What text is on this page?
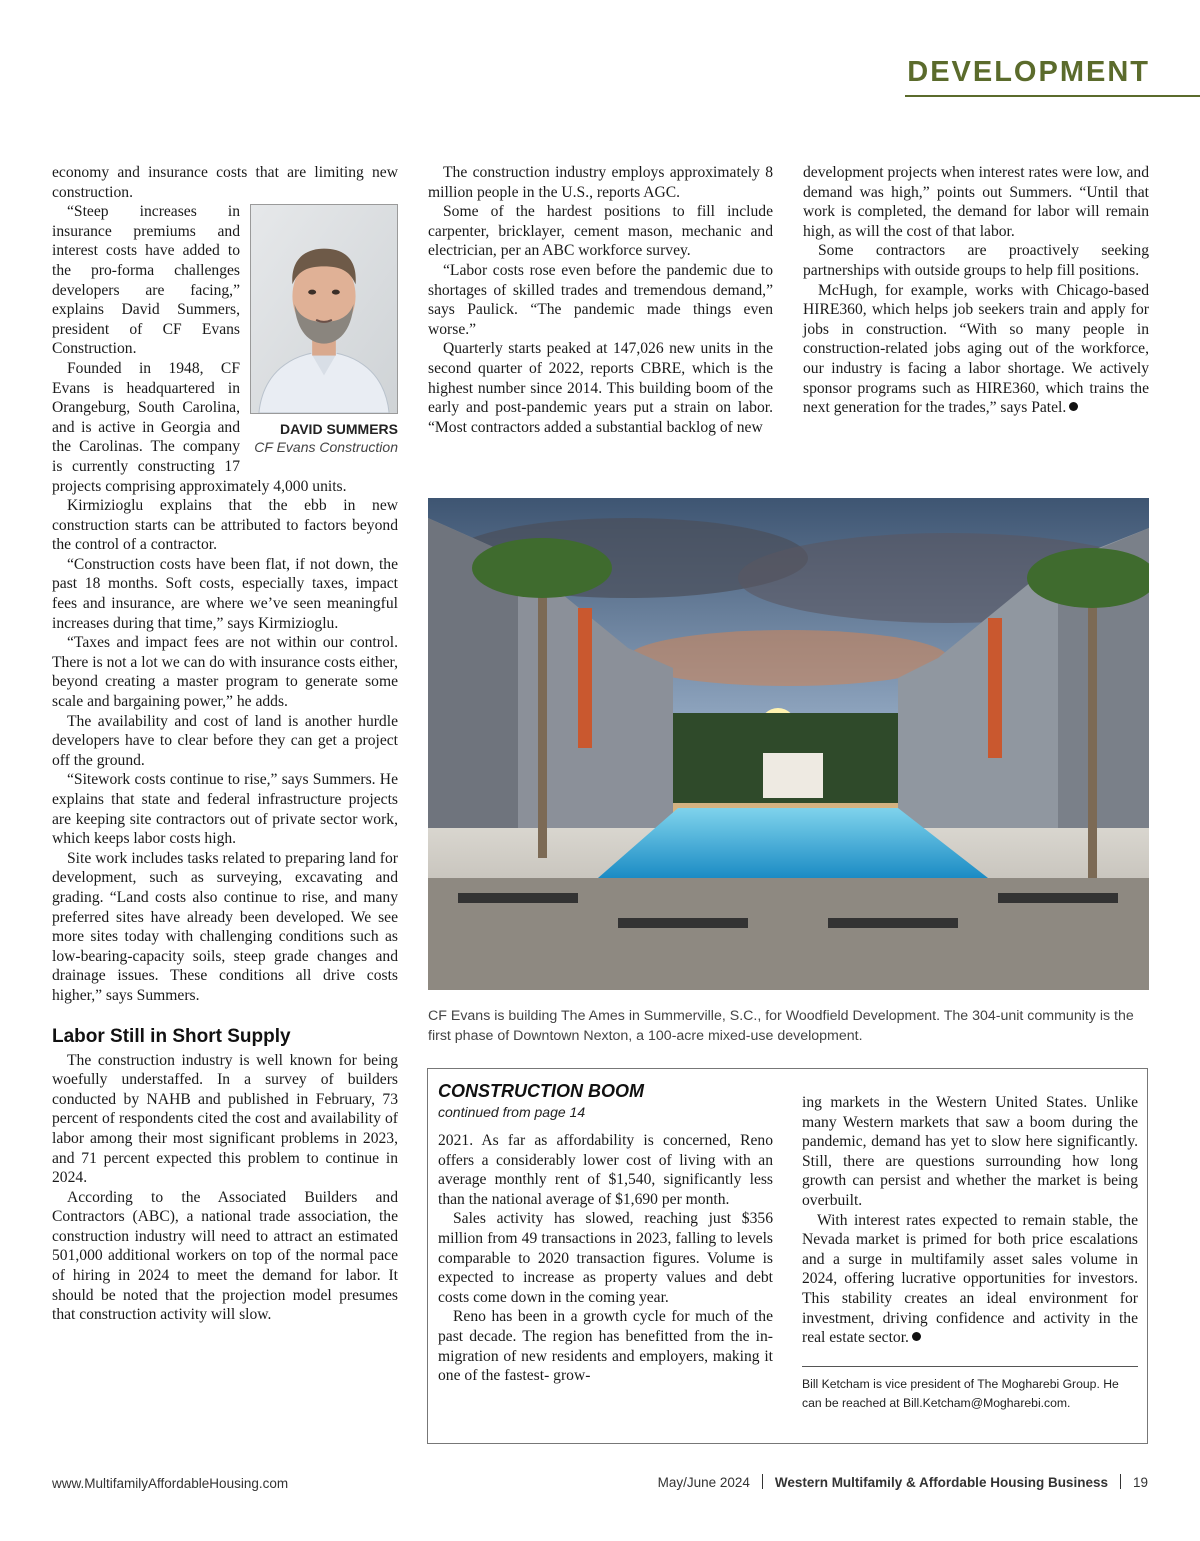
DEVELOPMENT

economy and insurance costs that are limiting new construction.

DAVID SUMMERS
CF Evans Construction

“Steep increases in insurance premiums and interest costs have added to the pro-forma challenges developers are facing,” explains David Summers, president of CF Evans Construction.

Founded in 1948, CF Evans is headquartered in Orangeburg, South Carolina, and is active in Georgia and the Carolinas. The company is currently constructing 17 projects comprising approximately 4,000 units.

Kirmizioglu explains that the ebb in new construction starts can be attributed to factors beyond the control of a contractor.

“Construction costs have been flat, if not down, the past 18 months. Soft costs, especially taxes, impact fees and insurance, are where we’ve seen meaningful increases during that time,” says Kirmizioglu.

“Taxes and impact fees are not within our control. There is not a lot we can do with insurance costs either, beyond creating a master program to generate some scale and bargaining power,” he adds.

The availability and cost of land is another hurdle developers have to clear before they can get a project off the ground.

“Sitework costs continue to rise,” says Summers. He explains that state and federal infrastructure projects are keeping site contractors out of private sector work, which keeps labor costs high.

Site work includes tasks related to preparing land for development, such as surveying, excavating and grading. “Land costs also continue to rise, and many preferred sites have already been developed. We see more sites today with challenging conditions such as low-bearing-capacity soils, steep grade changes and drainage issues. These conditions all drive costs higher,” says Summers.

Labor Still in Short Supply

The construction industry is well known for being woefully understaffed. In a survey of builders conducted by NAHB and published in February, 73 percent of respondents cited the cost and availability of labor among their most significant problems in 2023, and 71 percent expected this problem to continue in 2024.

According to the Associated Builders and Contractors (ABC), a national trade association, the construction industry will need to attract an estimated 501,000 additional workers on top of the normal pace of hiring in 2024 to meet the demand for labor. It should be noted that the projection model presumes that construction activity will slow.

The construction industry employs approximately 8 million people in the U.S., reports AGC.

Some of the hardest positions to fill include carpenter, bricklayer, cement mason, mechanic and electrician, per an ABC workforce survey.

“Labor costs rose even before the pandemic due to shortages of skilled trades and tremendous demand,” says Paulick. “The pandemic made things even worse.”

Quarterly starts peaked at 147,026 new units in the second quarter of 2022, reports CBRE, which is the highest number since 2014. This building boom of the early and post-pandemic years put a strain on labor. “Most contractors added a substantial backlog of new

development projects when interest rates were low, and demand was high,” points out Summers. “Until that work is completed, the demand for labor will remain high, as will the cost of that labor.

Some contractors are proactively seeking partnerships with outside groups to help fill positions.

McHugh, for example, works with Chicago-based HIRE360, which helps job seekers train and apply for jobs in construction. “With so many people in construction-related jobs aging out of the workforce, our industry is facing a labor shortage. We actively sponsor programs such as HIRE360, which trains the next generation for the trades,” says Patel.

CF Evans is building The Ames in Summerville, S.C., for Woodfield Development. The 304-unit community is the first phase of Downtown Nexton, a 100-acre mixed-use development.
CONSTRUCTION BOOM
continued from page 14

2021. As far as affordability is concerned, Reno offers a considerably lower cost of living with an average monthly rent of $1,540, significantly less than the national average of $1,690 per month.

Sales activity has slowed, reaching just $356 million from 49 transactions in 2023, falling to levels comparable to 2020 transaction figures. Volume is expected to increase as property values and debt costs come down in the coming year.

Reno has been in a growth cycle for much of the past decade. The region has benefitted from the in-migration of new residents and employers, making it one of the fastest- grow-

ing markets in the Western United States. Unlike many Western markets that saw a boom during the pandemic, demand has yet to slow here significantly. Still, there are questions surrounding how long growth can persist and whether the market is being overbuilt.

With interest rates expected to remain stable, the Nevada market is primed for both price escalations and a surge in multifamily asset sales volume in 2024, offering lucrative opportunities for investors. This stability creates an ideal environment for investment, driving confidence and activity in the real estate sector.

Bill Ketcham is vice president of The Mogharebi Group. He can be reached at Bill.Ketcham@Mogharebi.com.
www.MultifamilyAffordableHousing.com	May/June 2024 Western Multifamily & Affordable Housing Business 19
